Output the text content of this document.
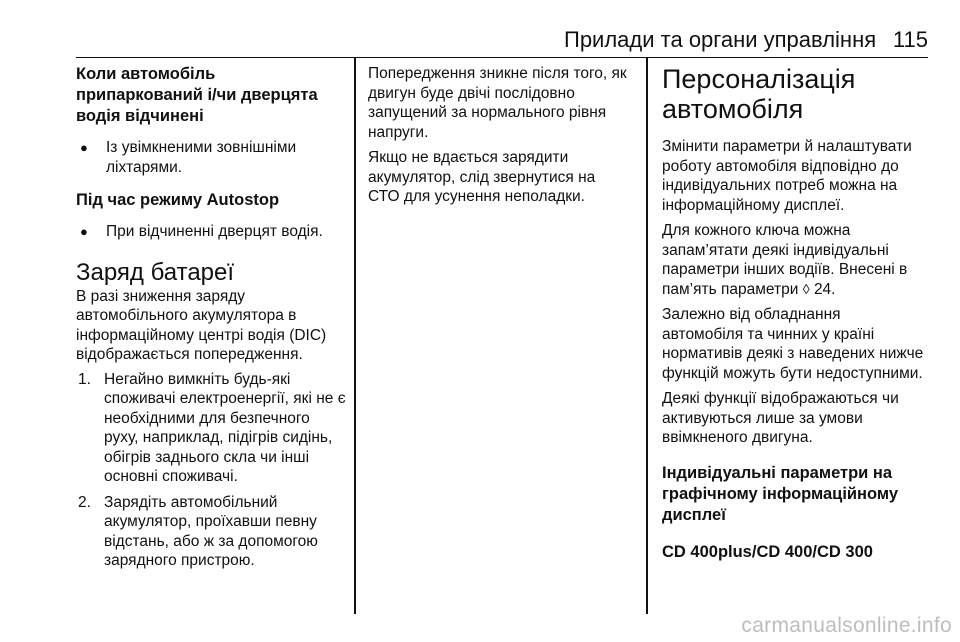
Прилади та органи управління 115
Коли автомобіль припаркований і/чи дверцята водія відчинені
●	Із увімкненими зовнішніми ліхтарями.
Під час режиму Autostop
●	При відчиненні дверцят водія.
Заряд батареї

В разі зниження заряду автомобільного акумулятора в інформаційному центрі водія (DIC) відображається попередження.

1. Негайно вимкніть будь-які споживачі електроенергії, які не є необхідними для безпечного руху, наприклад, підігрів сидінь, обігрів заднього скла чи інші основні споживачі.
2. Зарядіть автомобільний акумулятор, проїхавши певну відстань, або ж за допомогою зарядного пристрою.

Попередження зникне після того, як двигун буде двічі послідовно запущений за нормального рівня напруги.

Якщо не вдається зарядити акумулятор, слід звернутися на СТО для усунення неполадки.

Персоналізація автомобіля

Змінити параметри й налаштувати роботу автомобіля відповідно до індивідуальних потреб можна на інформаційному дисплеї.

Для кожного ключа можна запам’ятати деякі індивідуальні параметри інших водіїв. Внесені в пам’ять параметри ◊ 24.

Залежно від обладнання автомобіля та чинних у країні нормативів деякі з наведених нижче функцій можуть бути недоступними.

Деякі функції відображаються чи активуються лише за умови ввімкненого двигуна.

Індивідуальні параметри на графічному інформаційному дисплеї
CD 400plus/CD 400/CD 300
carmanualsonline.info
